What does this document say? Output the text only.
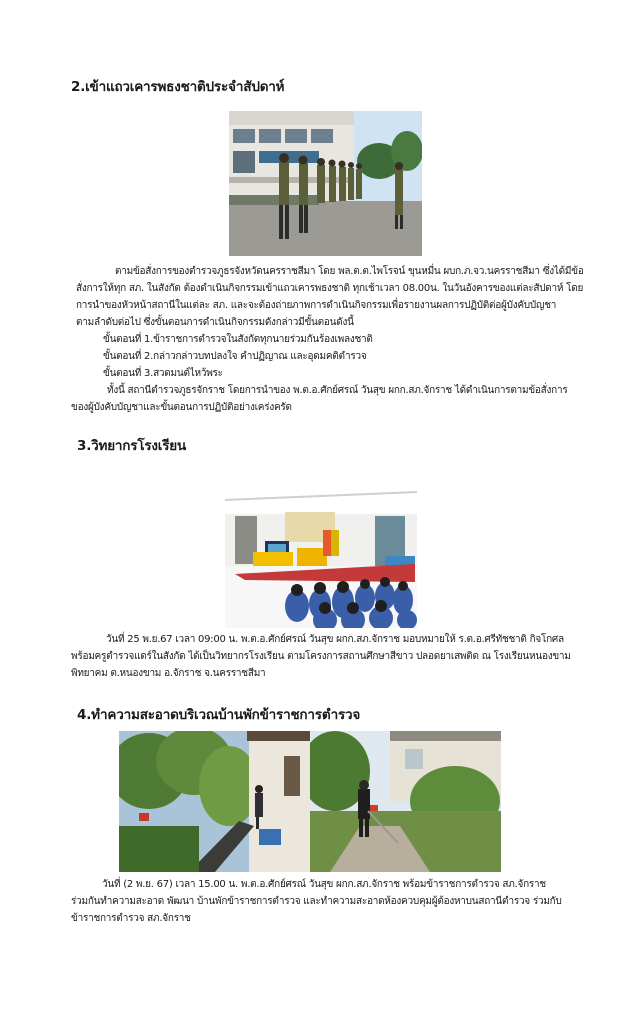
2.เข้าแถวเคารพธงชาติประจำสัปดาห์
ตามข้อสั่งการของตำรวจภูธรจังหวัดนครราชสีมา โดย พล.ต.ต.ไพโรจน์ ขุนหมื่น ผบก.ภ.จว.นครราชสีมา ซึ่งได้มีข้อ
สั่งการให้ทุก สภ. ในสังกัด ต้องดำเนินกิจกรรมเข้าแถวเคารพธงชาติ ทุกเช้าเวลา 08.00น. ในวันอังคารของแต่ละสัปดาห์ โดย
การนำของหัวหน้าสถานีในแต่ละ สภ. และจะต้องถ่ายภาพการดำเนินกิจกรรมเพื่อรายงานผลการปฏิบัติต่อผู้บังคับบัญชา
ตามลำดับต่อไป ซึ่งขั้นตอนการดำเนินกิจกรรมดังกล่าวมีขั้นตอนดังนี้
ขั้นตอนที่ 1.ข้าราชการตำรวจในสังกัดทุกนายร่วมกันร้องเพลงชาติ
ขั้นตอนที่ 2.กล่าวกล่าวบทปลงใจ คำปฏิญาณ และอุดมคติตำรวจ
ขั้นตอนที่ 3.สวดมนต์ไหว้พระ
ทั้งนี้ สถานีตำรวจภูธรจักราช โดยการนำของ พ.ต.อ.ศักย์ศรณ์ วันสุข ผกก.สภ.จักราช ได้ดำเนินการตามข้อสั่งการ
ของผู้บังคับบัญชาและขั้นตอนการปฏิบัติอย่างเคร่งครัด
3.วิทยากรโรงเรียน
วันที่ 25 พ.ย.67 เวลา 09:00 น. พ.ต.อ.ศักย์ศรณ์ วันสุข ผกก.สภ.จักราช มอบหมายให้ ร.ต.อ.ศรีทัชชาติ กิจโกศล
พร้อมครูตำรวจแดร์ในสังกัด ได้เป็นวิทยากรโรงเรียน ตามโครงการสถานศึกษาสีขาว ปลอดยาเสพติด ณ โรงเรียนหนองขาม
พิทยาคม ต.หนองขาม อ.จักราช จ.นครราชสีมา
4.ทำความสะอาดบริเวณบ้านพักข้าราชการตำรวจ
วันที่ (2 พ.ย. 67) เวลา 15.00 น. พ.ต.อ.ศักย์ศรณ์ วันสุข ผกก.สภ.จักราช พร้อมข้าราชการตำรวจ สภ.จักราช
ร่วมกันทำความสะอาด พัฒนา บ้านพักข้าราชการตำรวจ และทำความสะอาดห้องควบคุมผู้ต้องหาบนสถานีตำรวจ ร่วมกับ
ข้าราชการตำรวจ สภ.จักราช
